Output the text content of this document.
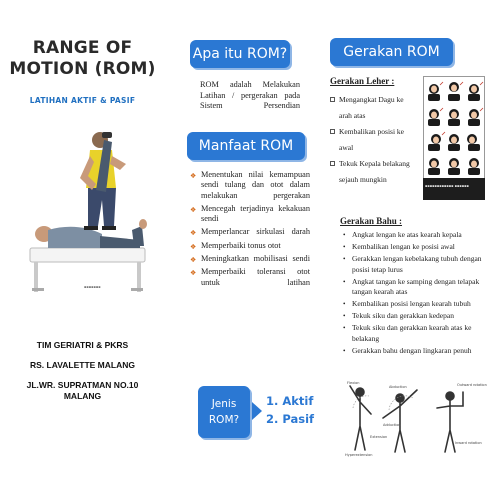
RANGE OF
MOTION (ROM)
LATIHAN AKTIF & PASIF
▪▪▪▪▪▪▪
TIM GERIATRI & PKRS
RS. LAVALETTE MALANG
JL.WR. SUPRATMAN NO.10
MALANG
Apa itu ROM?
ROM adalah Melakukan Latihan / pergerakan pada Sistem Persendian
Manfaat ROM
❖ Menentukan nilai kemampuan sendi tulang dan otot dalam melakukan pergerakan
❖ Mencegah terjadinya kekakuan sendi
❖ Memperlancar sirkulasi darah
❖ Memperbaiki tonus otot
❖ Meningkatkan mobilisasi sendi
❖ Memperbaiki toleransi otot untuk latihan
Jenis
ROM?
1. Aktif
2. Pasif
Gerakan ROM
Gerakan Leher :
Mengangkat Dagu ke arah atas
Kembalikan posisi ke awal
Tekuk Kepala belakang sejauh mungkin
▪▪▪▪▪▪▪▪▪▪▪▪ ▪▪▪▪▪▪
Gerakan Bahu :
• Angkat lengan ke atas kearah kepala
• Kembalikan lengan ke posisi awal
• Gerakkan lengan kebelakang tubuh dengan posisi tetap lurus
• Angkat tangan ke samping dengan telapak tangan kearah atas
• Kembalikan posisi lengan kearah tubuh
• Tekuk siku dan gerakkan kedepan
• Tekuk siku dan gerakkan kearah atas ke belakang
• Gerakkan bahu dengan lingkaran penuh
Flexion
Abduction
Adduction
Outward rotation
Inward rotation
Hyperextension
Extension
